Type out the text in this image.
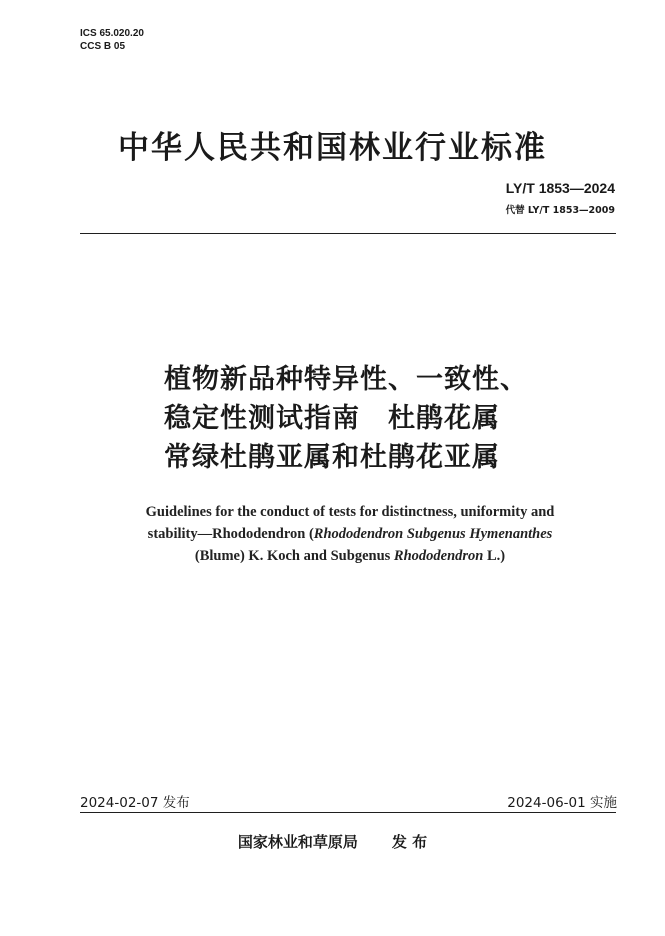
ICS 65.020.20
CCS B 05
中华人民共和国林业行业标准
LY/T 1853—2024
代替 LY/T 1853—2009
植物新品种特异性、一致性、
稳定性测试指南　杜鹃花属
常绿杜鹃亚属和杜鹃花亚属
Guidelines for the conduct of tests for distinctness, uniformity and
stability—Rhododendron (Rhododendron Subgenus Hymenanthes
(Blume) K. Koch and Subgenus Rhododendron L.)
2024-02-07 发布	2024-06-01 实施
国家林业和草原局 发 布
